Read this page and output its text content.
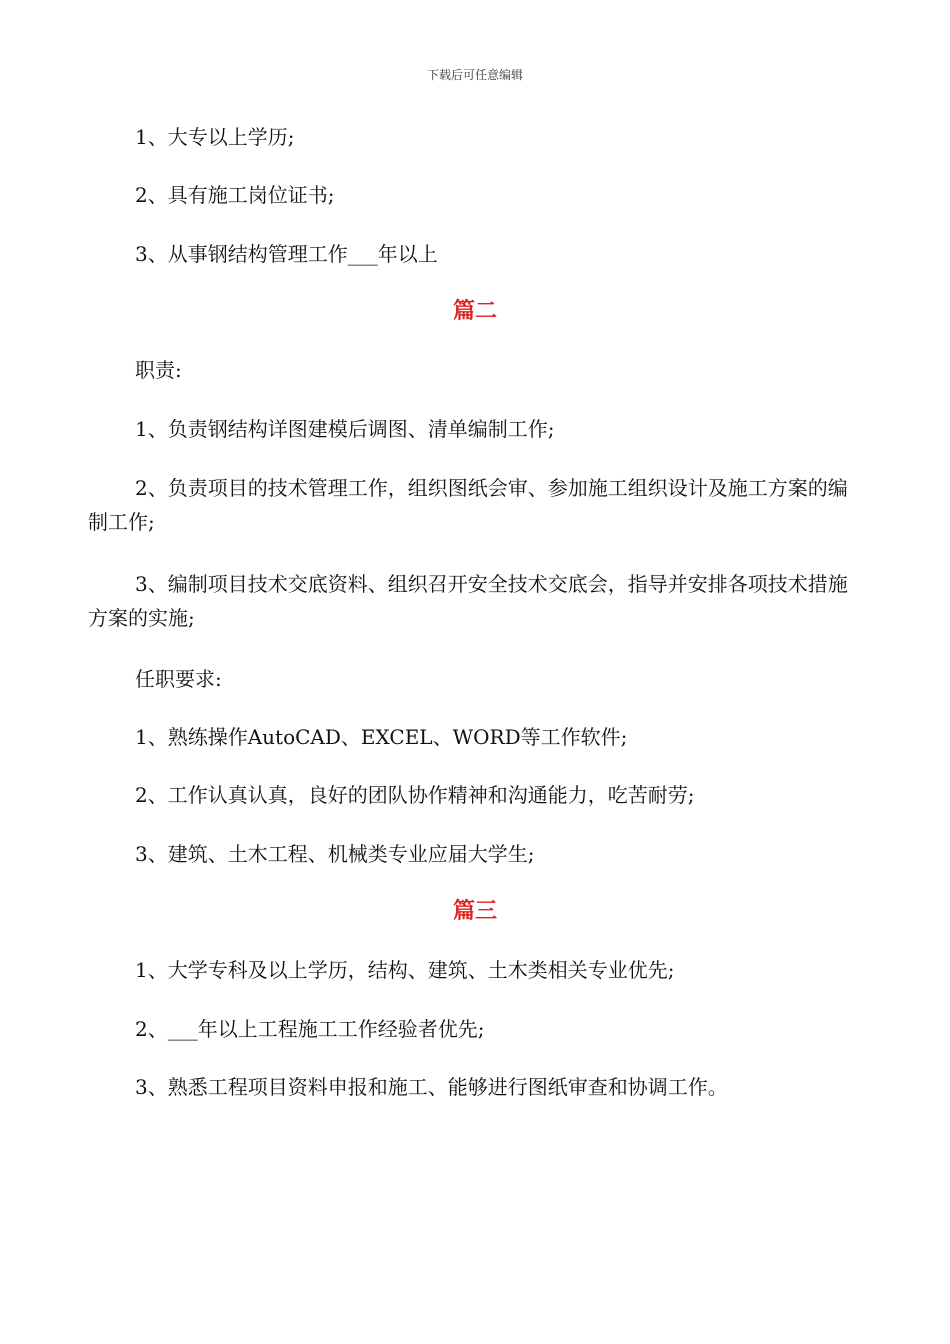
下载后可任意编辑
1、大专以上学历;
2、具有施工岗位证书;
3、从事钢结构管理工作___年以上
篇二
职责:
1、负责钢结构详图建模后调图、清单编制工作;
2、负责项目的技术管理工作，组织图纸会审、参加施工组织设计及施工方案的编制工作;
3、编制项目技术交底资料、组织召开安全技术交底会，指导并安排各项技术措施方案的实施;
任职要求:
1、熟练操作AutoCAD、EXCEL、WORD等工作软件;
2、工作认真认真，良好的团队协作精神和沟通能力，吃苦耐劳;
3、建筑、土木工程、机械类专业应届大学生;
篇三
1、大学专科及以上学历，结构、建筑、土木类相关专业优先;
2、___年以上工程施工工作经验者优先;
3、熟悉工程项目资料申报和施工、能够进行图纸审查和协调工作。
